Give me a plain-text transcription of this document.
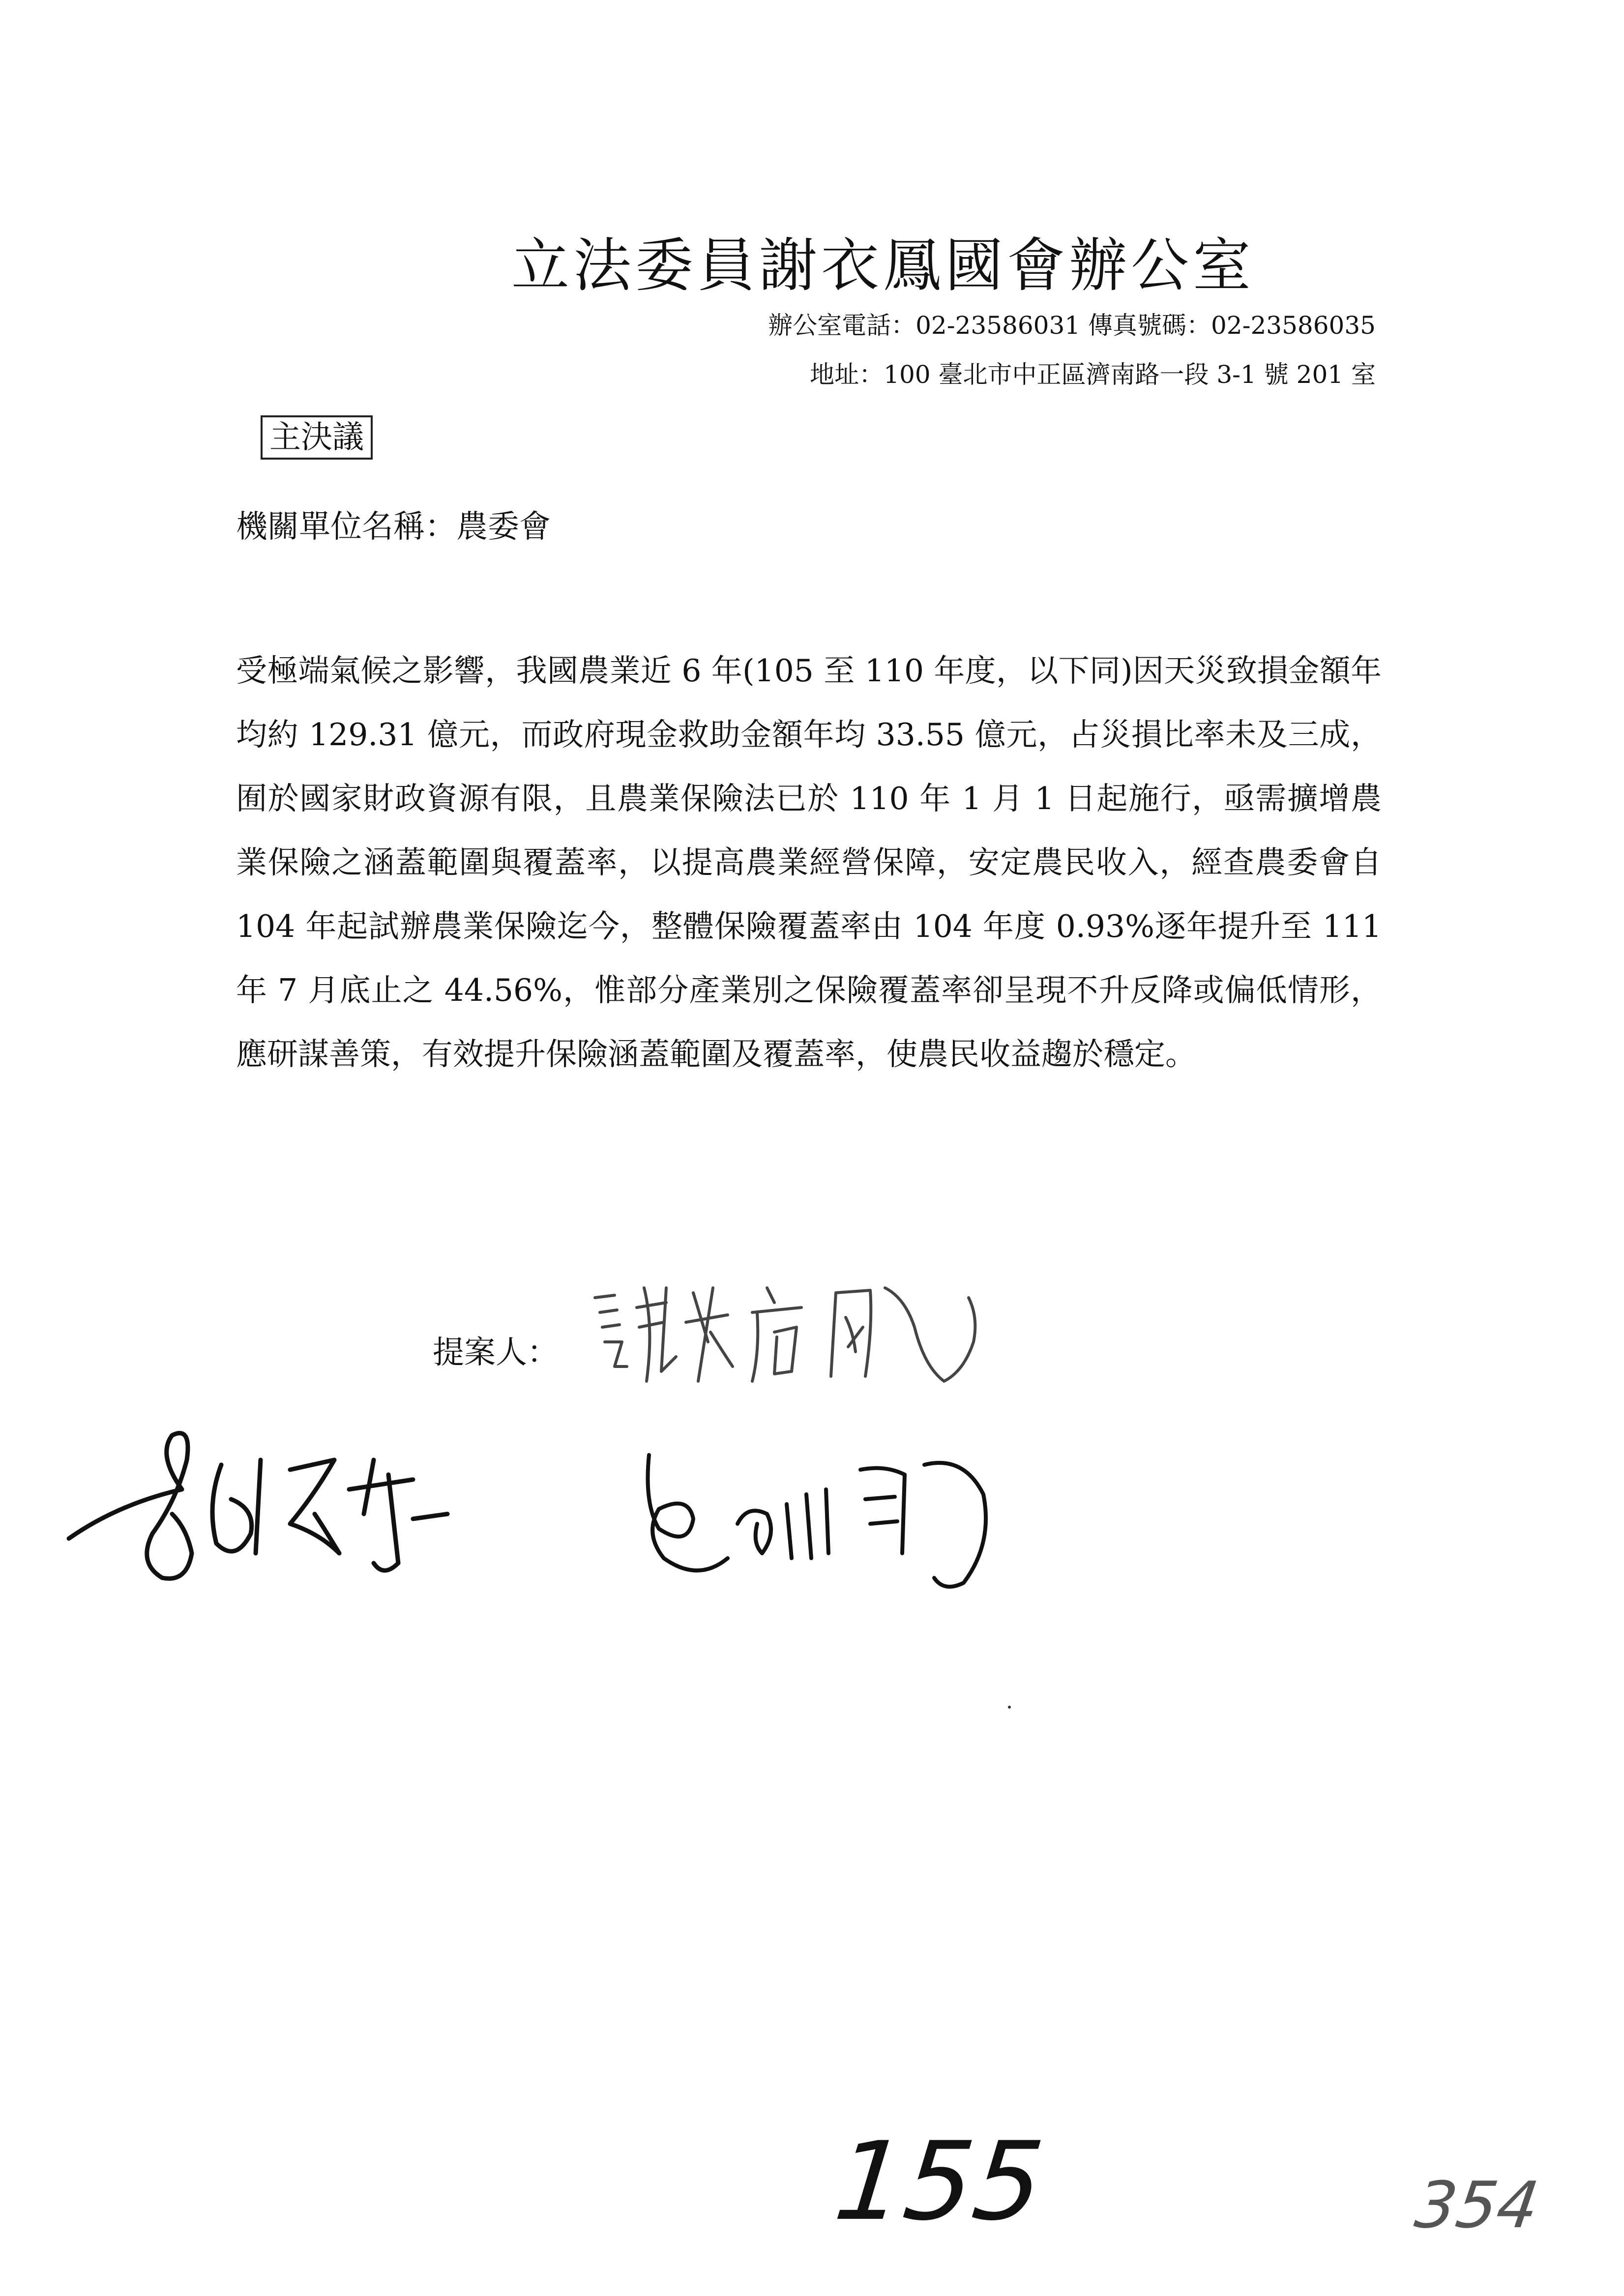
立法委員謝衣鳳國會辦公室
辦公室電話：02-23586031 傳真號碼：02-23586035
地址：100 臺北市中正區濟南路一段 3-1 號 201 室
主決議
機關單位名稱：農委會

受極端氣候之影響，我國農業近 6 年(105 至 110 年度，以下同)因天災致損金額年均約 129.31 億元，而政府現金救助金額年均 33.55 億元，占災損比率未及三成，囿於國家財政資源有限，且農業保險法已於 110 年 1 月 1 日起施行，亟需擴增農業保險之涵蓋範圍與覆蓋率，以提高農業經營保障，安定農民收入，經查農委會自 104 年起試辦農業保險迄今，整體保險覆蓋率由 104 年度 0.93%逐年提升至 111 年 7 月底止之 44.56%，惟部分產業別之保險覆蓋率卻呈現不升反降或偏低情形，應研謀善策，有效提升保險涵蓋範圍及覆蓋率，使農民收益趨於穩定。

提案人：
155	354
